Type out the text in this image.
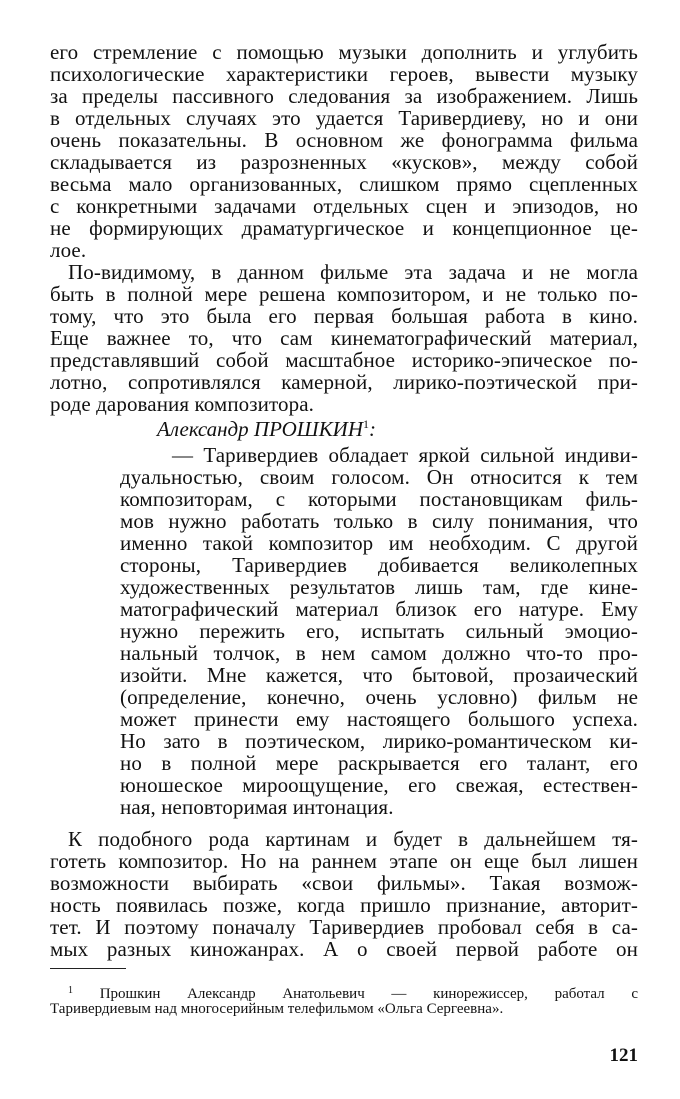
его стремление с помощью музыки дополнить и углубить
психологические характеристики героев, вывести музыку
за пределы пассивного следования за изображением. Лишь
в отдельных случаях это удается Таривердиеву, но и они
очень показательны. В основном же фонограмма фильма
складывается из разрозненных «кусков», между собой
весьма мало организованных, слишком прямо сцепленных
с конкретными задачами отдельных сцен и эпизодов, но
не формирующих драматургическое и концепционное це-
лое.
По-видимому, в данном фильме эта задача и не могла
быть в полной мере решена композитором, и не только по-
тому, что это была его первая большая работа в кино.
Еще важнее то, что сам кинематографический материал,
представлявший собой масштабное историко-эпическое по-
лотно, сопротивлялся камерной, лирико-поэтической при-
роде дарования композитора.
Александр ПРОШКИН$^1$:
— Таривердиев обладает яркой сильной индиви-
дуальностью, своим голосом. Он относится к тем
композиторам, с которыми постановщикам филь-
мов нужно работать только в силу понимания, что
именно такой композитор им необходим. С другой
стороны, Таривердиев добивается великолепных
художественных результатов лишь там, где кине-
матографический материал близок его натуре. Ему
нужно пережить его, испытать сильный эмоцио-
нальный толчок, в нем самом должно что-то про-
изойти. Мне кажется, что бытовой, прозаический
(определение, конечно, очень условно) фильм не
может принести ему настоящего большого успеха.
Но зато в поэтическом, лирико-романтическом ки-
но в полной мере раскрывается его талант, его
юношеское мироощущение, его свежая, естествен-
ная, неповторимая интонация.
К подобного рода картинам и будет в дальнейшем тя-
готеть композитор. Но на раннем этапе он еще был лишен
возможности выбирать «свои фильмы». Такая возмож-
ность появилась позже, когда пришло признание, авторит-
тет. И поэтому поначалу Таривердиев пробовал себя в са-
мых разных киножанрах. А о своей первой работе он
$^1$ Прошкин Александр Анатольевич — кинорежиссер, работал с
Таривердиевым над многосерийным телефильмом «Ольга Сергеевна».
121
